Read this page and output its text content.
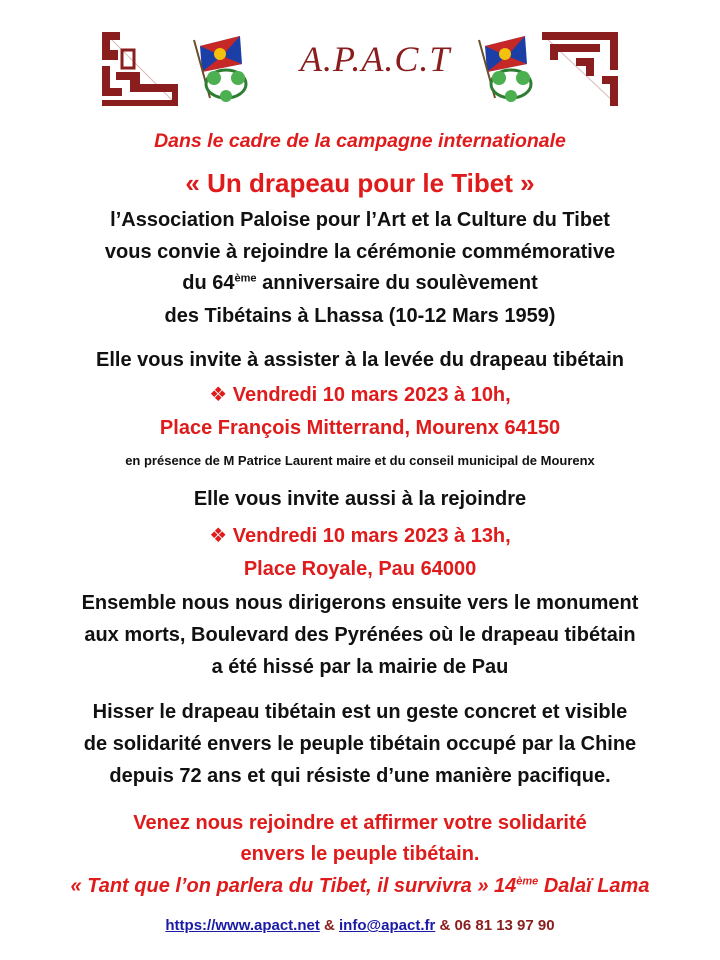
A.P.A.C.T
Dans le cadre de la campagne internationale
« Un drapeau pour le Tibet »
l’Association Paloise pour l’Art et la Culture du Tibet
vous convie à rejoindre la cérémonie commémorative
du 64ème anniversaire du soulèvement
des Tibétains à Lhassa (10-12 Mars 1959)
Elle vous invite à assister à la levée du drapeau tibétain
❖ Vendredi 10 mars 2023 à 10h,
Place François Mitterrand, Mourenx 64150
en présence de M Patrice Laurent maire et du conseil municipal de Mourenx
Elle vous invite aussi à la rejoindre
❖ Vendredi 10 mars 2023 à 13h,
Place Royale, Pau 64000
Ensemble nous nous dirigerons ensuite vers le monument
aux morts, Boulevard des Pyrénées où le drapeau tibétain
a été hissé par la mairie de Pau
Hisser le drapeau tibétain est un geste concret et visible
de solidarité envers le peuple tibétain occupé par la Chine
depuis 72 ans et qui résiste d’une manière pacifique.
Venez nous rejoindre et affirmer votre solidarité
envers le peuple tibétain.
« Tant que l’on parlera du Tibet, il survivra » 14ème Dalaï Lama
https://www.apact.net & info@apact.fr & 06 81 13 97 90
